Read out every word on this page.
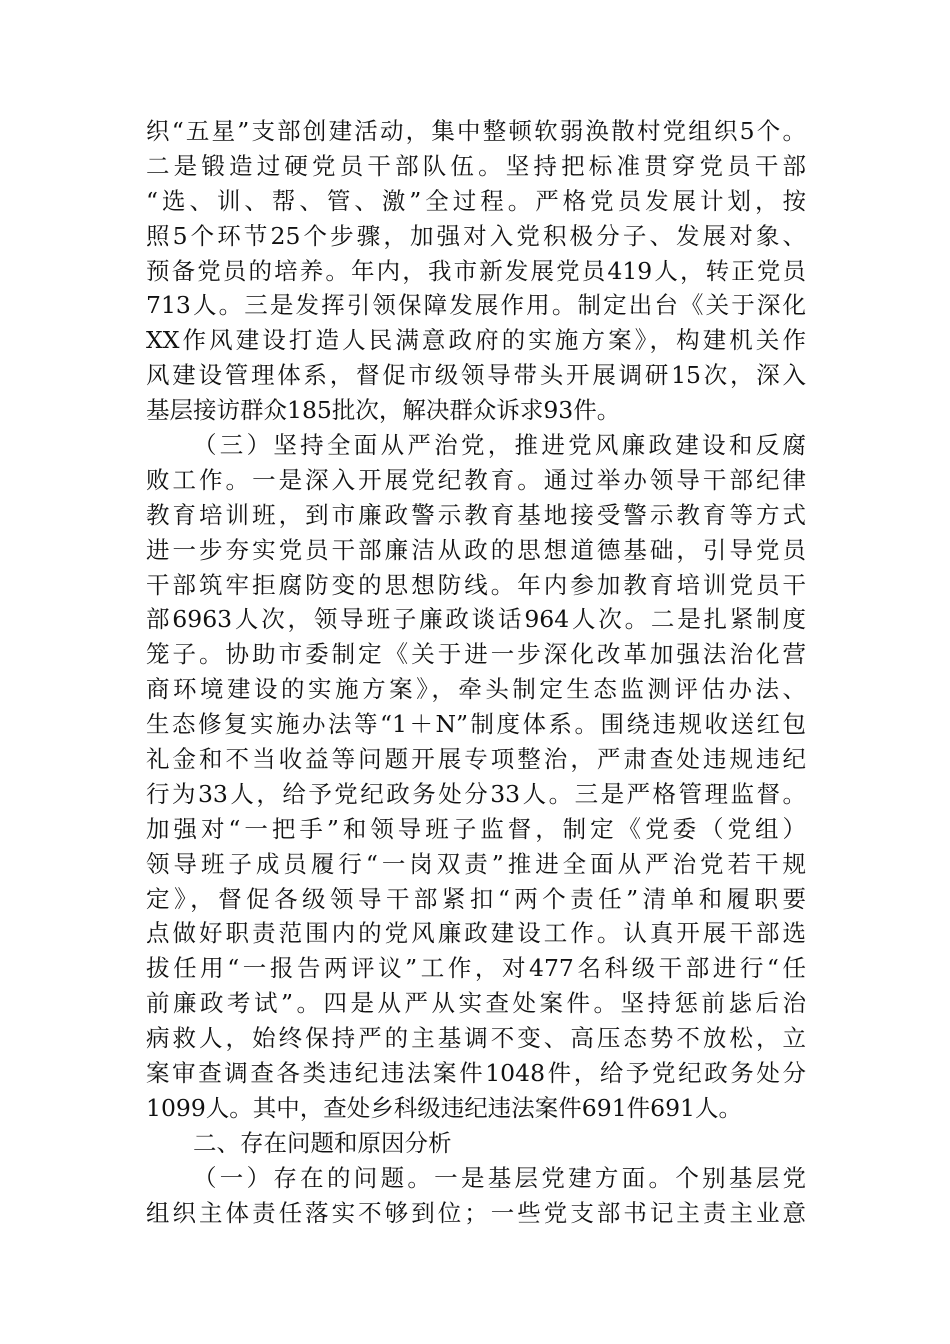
织“五星”支部创建活动，集中整顿软弱涣散村党组织5个。
二是锻造过硬党员干部队伍。坚持把标准贯穿党员干部
“选、训、帮、管、激”全过程。严格党员发展计划，按
照5个环节25个步骤，加强对入党积极分子、发展对象、
预备党员的培养。年内，我市新发展党员419人，转正党员
713人。三是发挥引领保障发展作用。制定出台《关于深化
XX作风建设打造人民满意政府的实施方案》，构建机关作
风建设管理体系，督促市级领导带头开展调研15次，深入
基层接访群众185批次，解决群众诉求93件。
（三）坚持全面从严治党，推进党风廉政建设和反腐
败工作。一是深入开展党纪教育。通过举办领导干部纪律
教育培训班，到市廉政警示教育基地接受警示教育等方式
进一步夯实党员干部廉洁从政的思想道德基础，引导党员
干部筑牢拒腐防变的思想防线。年内参加教育培训党员干
部6963人次，领导班子廉政谈话964人次。二是扎紧制度
笼子。协助市委制定《关于进一步深化改革加强法治化营
商环境建设的实施方案》，牵头制定生态监测评估办法、
生态修复实施办法等“1＋N”制度体系。围绕违规收送红包
礼金和不当收益等问题开展专项整治，严肃查处违规违纪
行为33人，给予党纪政务处分33人。三是严格管理监督。
加强对“一把手”和领导班子监督，制定《党委（党组）
领导班子成员履行“一岗双责”推进全面从严治党若干规
定》，督促各级领导干部紧扣“两个责任”清单和履职要
点做好职责范围内的党风廉政建设工作。认真开展干部选
拔任用“一报告两评议”工作，对477名科级干部进行“任
前廉政考试”。四是从严从实查处案件。坚持惩前毖后治
病救人，始终保持严的主基调不变、高压态势不放松，立
案审查调查各类违纪违法案件1048件，给予党纪政务处分
1099人。其中，查处乡科级违纪违法案件691件691人。
二、存在问题和原因分析
（一）存在的问题。一是基层党建方面。个别基层党
组织主体责任落实不够到位；一些党支部书记主责主业意
